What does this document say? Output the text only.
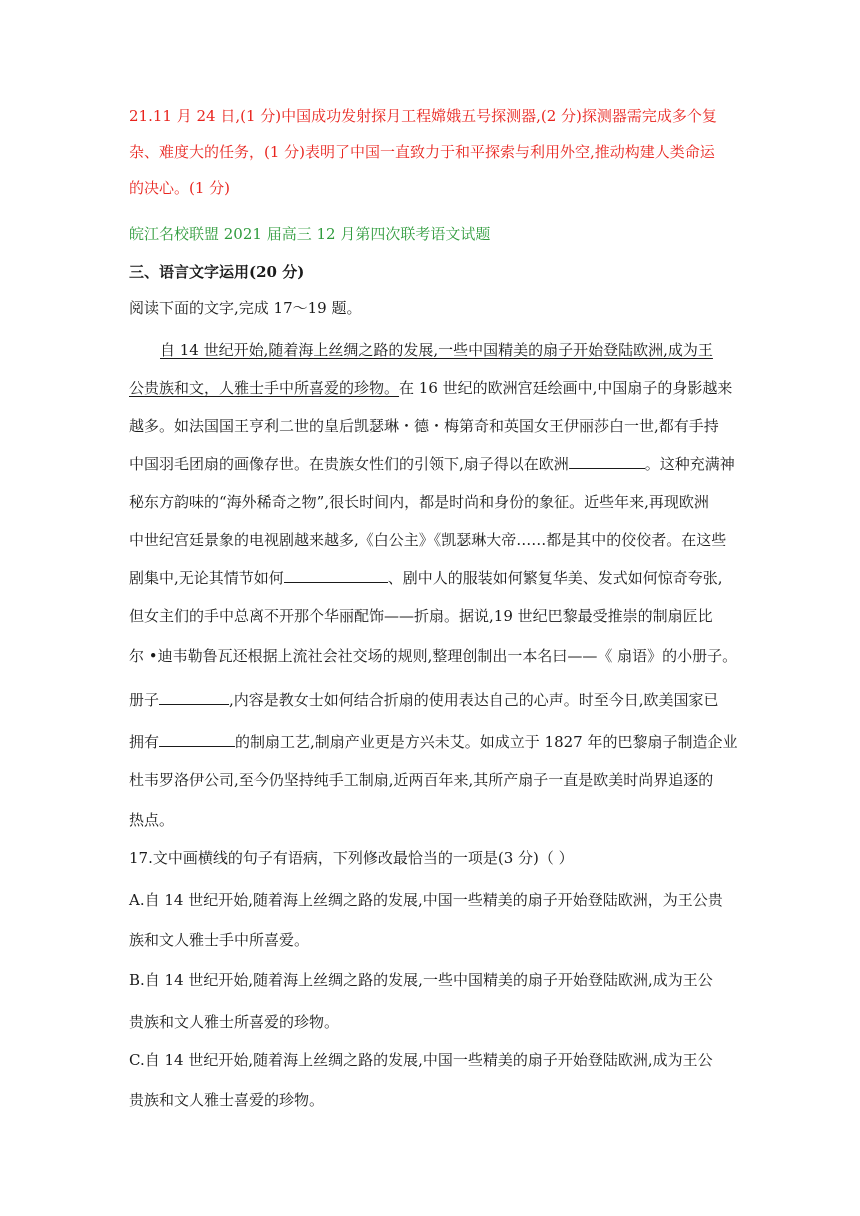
21.11 月 24 日,(1 分)中国成功发射探月工程嫦娥五号探测器,(2 分)探测器需完成多个复
杂、难度大的任务，(1 分)表明了中国一直致力于和平探索与利用外空,推动构建人类命运
的决心。(1 分)
皖江名校联盟 2021 届高三 12 月第四次联考语文试题
三、语言文字运用(20 分)
阅读下面的文字,完成 17～19 题。
自 14 世纪开始,随着海上丝绸之路的发展,一些中国精美的扇子开始登陆欧洲,成为王
公贵族和文，人雅士手中所喜爱的珍物。在 16 世纪的欧洲宫廷绘画中,中国扇子的身影越来
越多。如法国国王亨利二世的皇后凯瑟琳・德・梅第奇和英国女王伊丽莎白一世,都有手持
中国羽毛团扇的画像存世。在贵族女性们的引领下,扇子得以在欧洲	。这种充满神
秘东方韵味的“海外稀奇之物”,很长时间内，都是时尚和身份的象征。近些年来,再现欧洲
中世纪宫廷景象的电视剧越来越多,《白公主》《凯瑟琳大帝……都是其中的佼佼者。在这些
剧集中,无论其情节如何	、剧中人的服装如何繁复华美、发式如何惊奇夸张,
但女主们的手中总离不开那个华丽配饰——折扇。据说,19 世纪巴黎最受推崇的制扇匠比
尔 •迪韦勒鲁瓦还根据上流社会社交场的规则,整理创制出一本名曰——《 扇语》的小册子。
册子	,内容是教女士如何结合折扇的使用表达自己的心声。时至今日,欧美国家已
拥有	的制扇工艺,制扇产业更是方兴未艾。如成立于 1827 年的巴黎扇子制造企业
杜韦罗洛伊公司,至今仍坚持纯手工制扇,近两百年来,其所产扇子一直是欧美时尚界追逐的
热点。
17.文中画横线的句子有语病，下列修改最恰当的一项是(3 分)（ ）
A.自 14 世纪开始,随着海上丝绸之路的发展,中国一些精美的扇子开始登陆欧洲，为王公贵
族和文人雅士手中所喜爱。
B.自 14 世纪开始,随着海上丝绸之路的发展,一些中国精美的扇子开始登陆欧洲,成为王公
贵族和文人雅士所喜爱的珍物。
C.自 14 世纪开始,随着海上丝绸之路的发展,中国一些精美的扇子开始登陆欧洲,成为王公
贵族和文人雅士喜爱的珍物。
